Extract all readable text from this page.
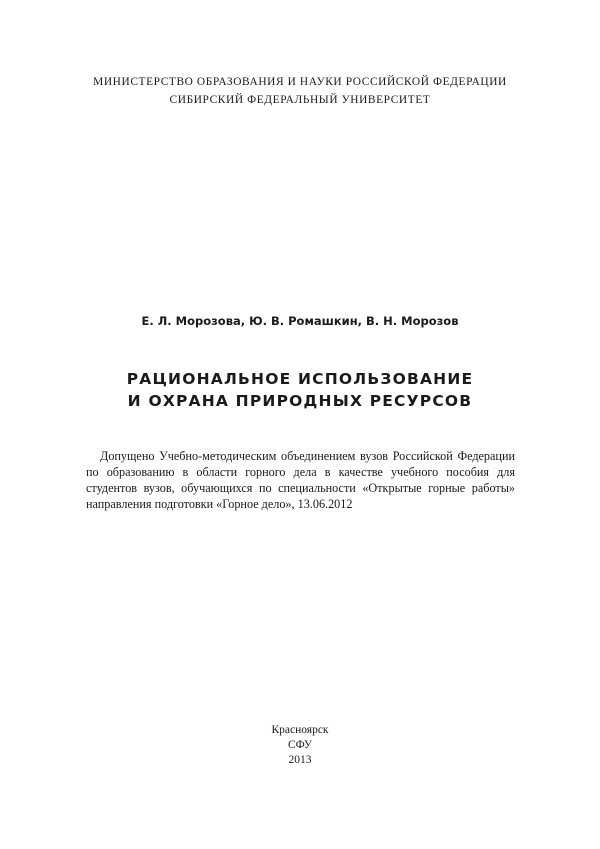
МИНИСТЕРСТВО ОБРАЗОВАНИЯ И НАУКИ РОССИЙСКОЙ ФЕДЕРАЦИИ
СИБИРСКИЙ ФЕДЕРАЛЬНЫЙ УНИВЕРСИТЕТ
Е. Л. Морозова, Ю. В. Ромашкин, В. Н. Морозов
РАЦИОНАЛЬНОЕ ИСПОЛЬЗОВАНИЕ
И ОХРАНА ПРИРОДНЫХ РЕСУРСОВ
Допущено Учебно-методическим объединением вузов Российской Федерации по образованию в области горного дела в качестве учебного пособия для студентов вузов, обучающихся по специальности «Открытые горные работы» направления подготовки «Горное дело», 13.06.2012
Красноярск
СФУ
2013
